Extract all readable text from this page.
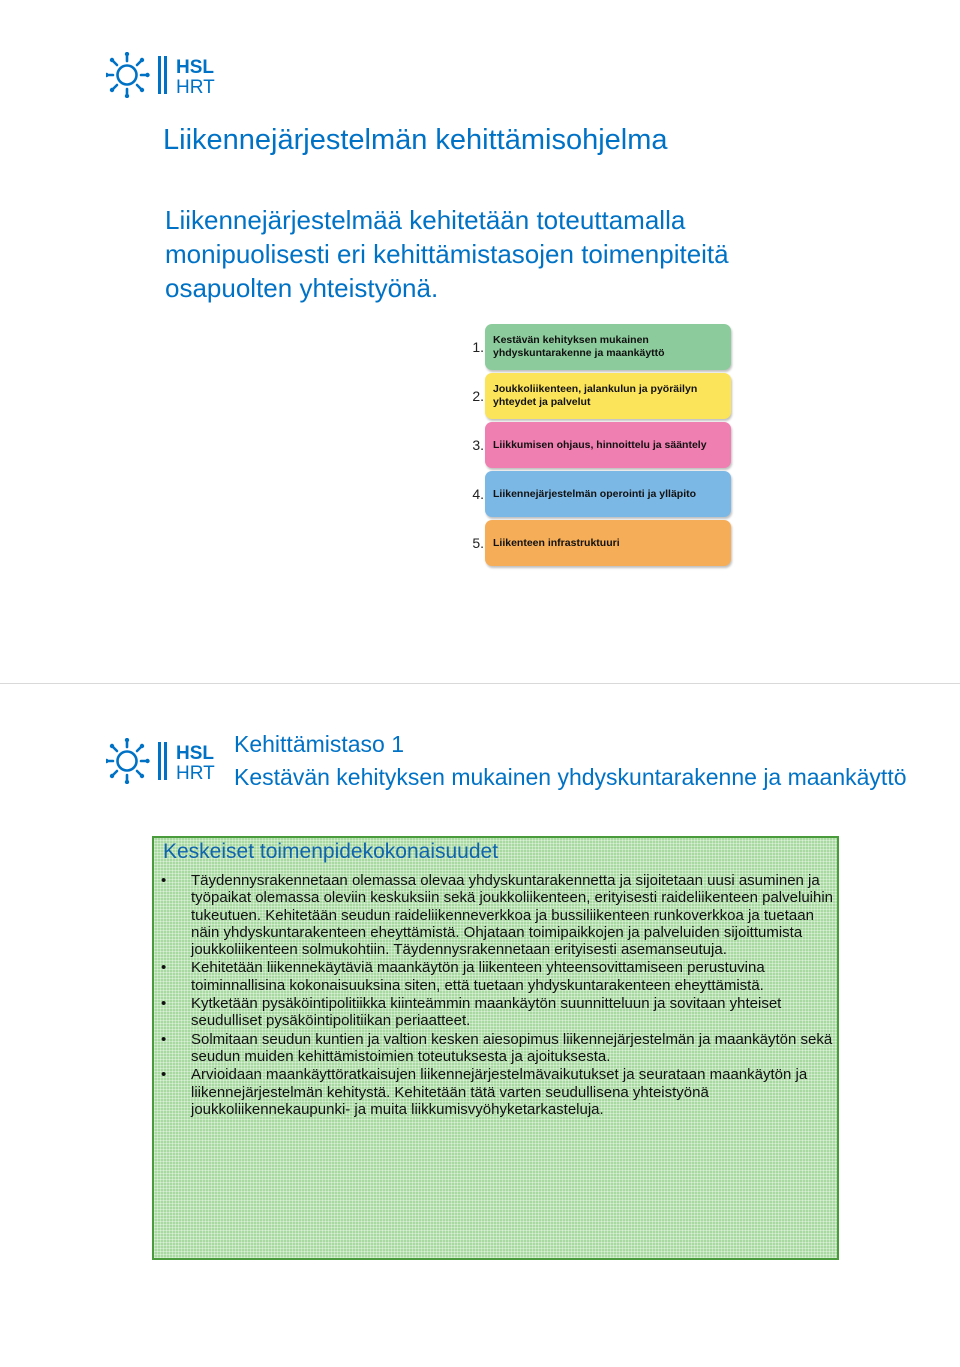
HSL
HRT
Liikennejärjestelmän kehittämisohjelma

Liikennejärjestelmää kehitetään toteuttamalla monipuolisesti eri kehittämistasojen toimenpiteitä osapuolten yhteistyönä.

1. Kestävän kehityksen mukainen yhdyskuntarakenne ja maankäyttö
2. Joukkoliikenteen, jalankulun ja pyöräilyn yhteydet ja palvelut
3. Liikkumisen ohjaus, hinnoittelu ja sääntely
4. Liikennejärjestelmän operointi ja ylläpito
5. Liikenteen infrastruktuuri
HSL
HRT
Kehittämistaso 1
Kestävän kehityksen mukainen yhdyskuntarakenne ja maankäyttö
Keskeiset toimenpidekokonaisuudet
• Täydennysrakennetaan olemassa olevaa yhdyskuntarakennetta ja sijoitetaan uusi asuminen ja työpaikat olemassa oleviin keskuksiin sekä joukkoliikenteen, erityisesti raideliikenteen palveluihin tukeutuen. Kehitetään seudun raideliikenneverkkoa ja bussiliikenteen runkoverkkoa ja tuetaan näin yhdyskuntarakenteen eheyttämistä. Ohjataan toimipaikkojen ja palveluiden sijoittumista joukkoliikenteen solmukohtiin. Täydennysrakennetaan erityisesti asemanseutuja.
• Kehitetään liikennekäytäviä maankäytön ja liikenteen yhteensovittamiseen perustuvina toiminnallisina kokonaisuuksina siten, että tuetaan yhdyskuntarakenteen eheyttämistä.
• Kytketään pysäköintipolitiikka kiinteämmin maankäytön suunnitteluun ja sovitaan yhteiset seudulliset pysäköintipolitiikan periaatteet.
• Solmitaan seudun kuntien ja valtion kesken aiesopimus liikennejärjestelmän ja maankäytön sekä seudun muiden kehittämistoimien toteutuksesta ja ajoituksesta.
• Arvioidaan maankäyttöratkaisujen liikennejärjestelmävaikutukset ja seurataan maankäytön ja liikennejärjestelmän kehitystä. Kehitetään tätä varten seudullisena yhteistyönä joukkoliikennekaupunki- ja muita liikkumisvyöhyketarkasteluja.
